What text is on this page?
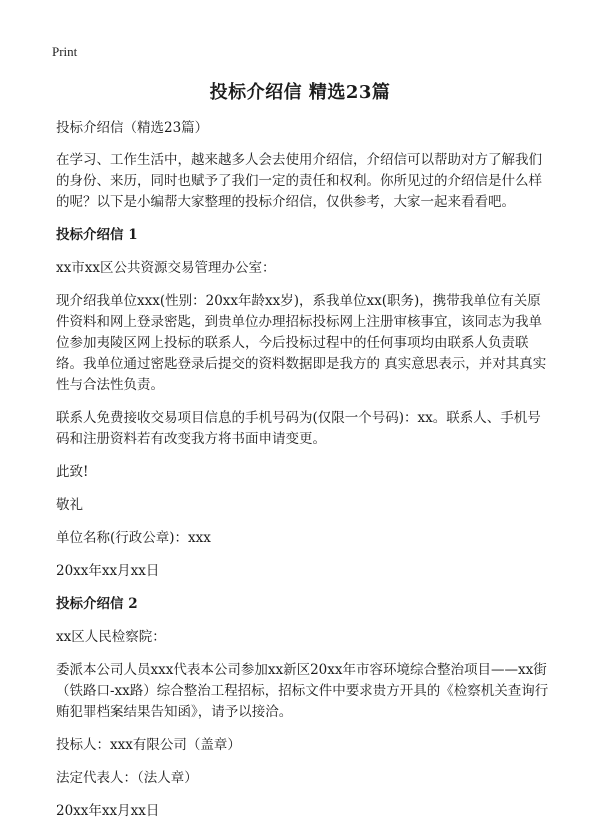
Print
投标介绍信 精选23篇

投标介绍信（精选23篇）

在学习、工作生活中，越来越多人会去使用介绍信，介绍信可以帮助对方了解我们的身份、来历，同时也赋予了我们一定的责任和权利。你所见过的介绍信是什么样的呢？以下是小编帮大家整理的投标介绍信，仅供参考，大家一起来看看吧。

投标介绍信 1

xx市xx区公共资源交易管理办公室：

现介绍我单位xxx(性别：20xx年龄xx岁)，系我单位xx(职务)，携带我单位有关原件资料和网上登录密匙，到贵单位办理招标投标网上注册审核事宜，该同志为我单位参加夷陵区网上投标的联系人，今后投标过程中的任何事项均由联系人负责联络。我单位通过密匙登录后提交的资料数据即是我方的 真实意思表示，并对其真实性与合法性负责。

联系人免费接收交易项目信息的手机号码为(仅限一个号码)：xx。联系人、手机号码和注册资料若有改变我方将书面申请变更。

此致!

敬礼

单位名称(行政公章)：xxx

20xx年xx月xx日

投标介绍信 2

xx区人民检察院：

委派本公司人员xxx代表本公司参加xx新区20xx年市容环境综合整治项目——xx街（铁路口-xx路）综合整治工程招标，招标文件中要求贵方开具的《检察机关查询行贿犯罪档案结果告知函》，请予以接洽。

投标人：xxx有限公司（盖章）

法定代表人：（法人章）

20xx年xx月xx日
